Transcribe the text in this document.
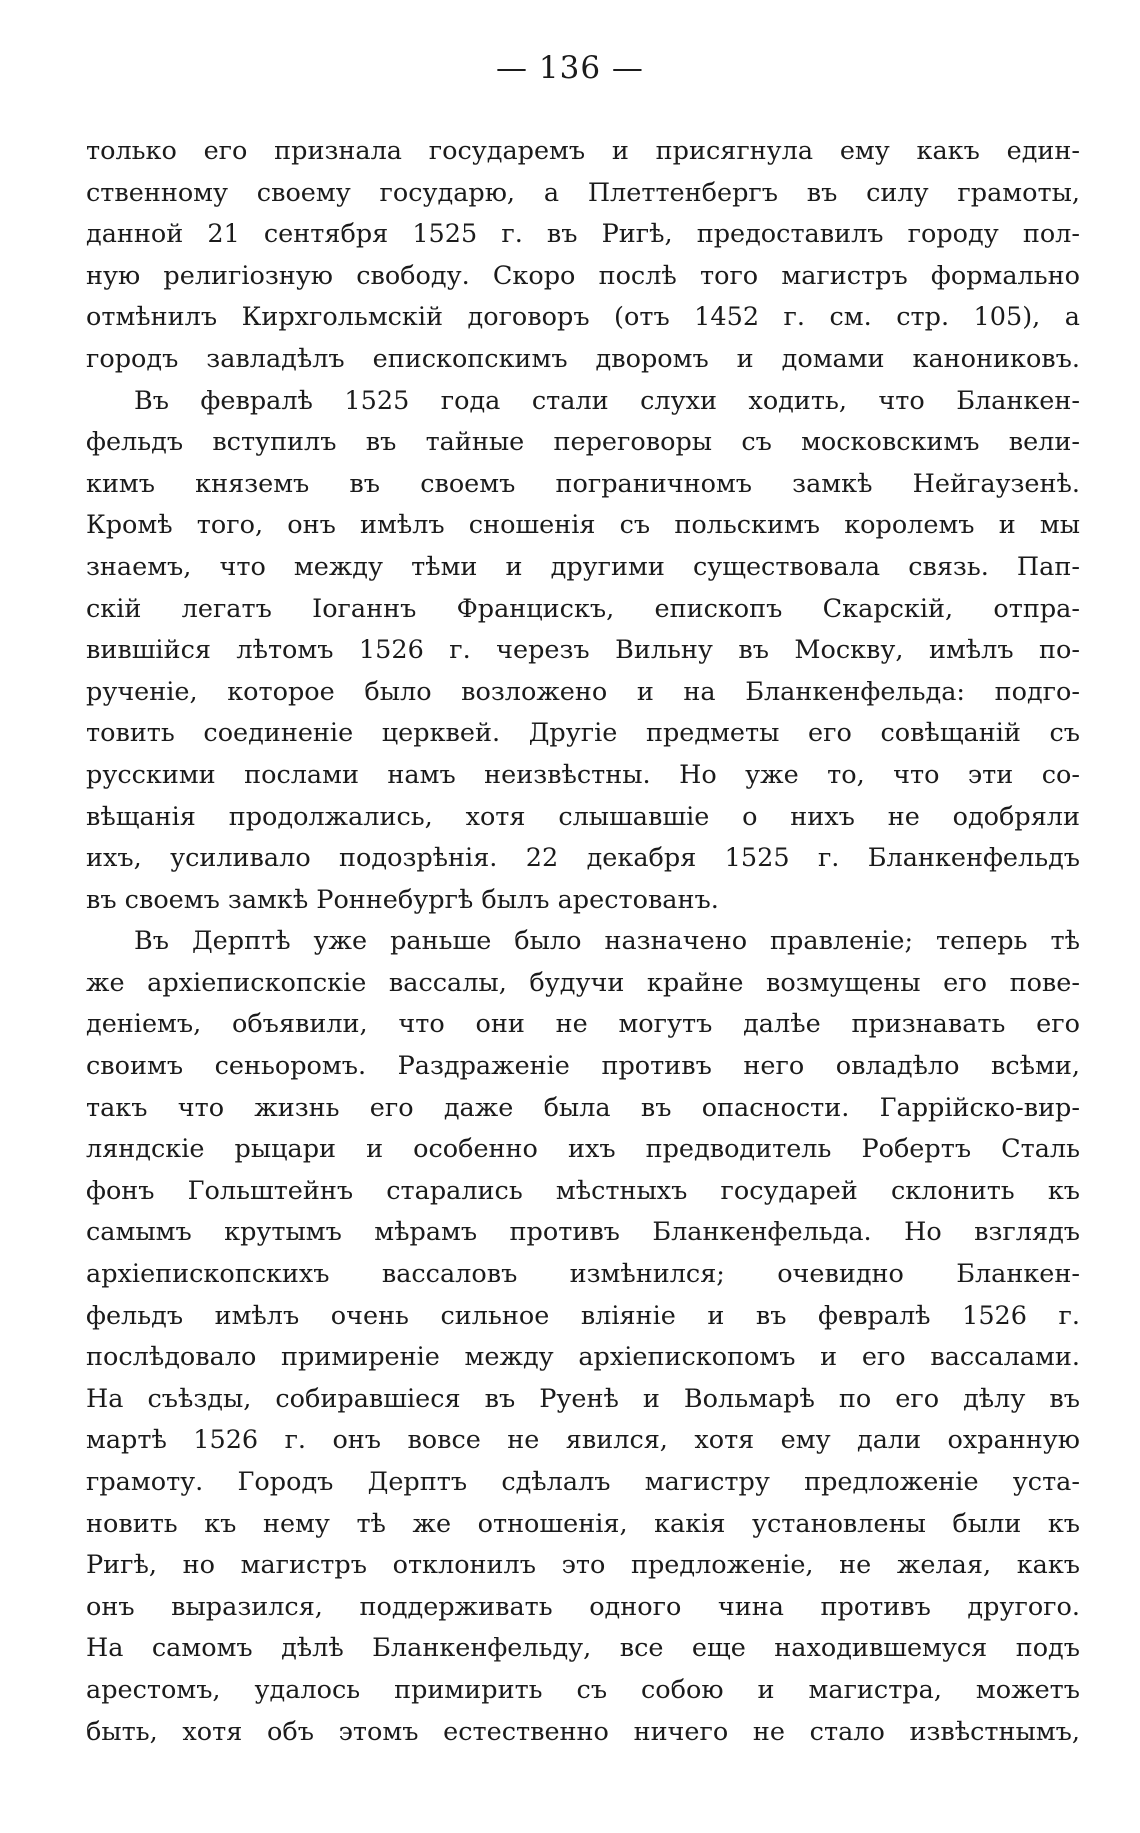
— 136 —
только его признала государемъ и присягнула ему какъ един-
ственному своему государю, а Плеттенбергъ въ силу грамоты,
данной 21 сентября 1525 г. въ Ригѣ, предоставилъ городу пол-
ную религіозную свободу. Скоро послѣ того магистръ формально
отмѣнилъ Кирхгольмскій договоръ (отъ 1452 г. см. стр. 105), а
городъ завладѣлъ епископскимъ дворомъ и домами канониковъ.
Въ февралѣ 1525 года стали слухи ходить, что Бланкен-
фельдъ вступилъ въ тайные переговоры съ московскимъ вели-
кимъ княземъ въ своемъ пограничномъ замкѣ Нейгаузенѣ.
Кромѣ того, онъ имѣлъ сношенія съ польскимъ королемъ и мы
знаемъ, что между тѣми и другими существовала связь. Пап-
скій легатъ Іоганнъ Францискъ, епископъ Скарскій, отпра-
вившійся лѣтомъ 1526 г. черезъ Вильну въ Москву, имѣлъ по-
рученіе, которое было возложено и на Бланкенфельда: подго-
товить соединеніе церквей. Другіе предметы его совѣщаній съ
русскими послами намъ неизвѣстны. Но уже то, что эти со-
вѣщанія продолжались, хотя слышавшіе о нихъ не одобряли
ихъ, усиливало подозрѣнія. 22 декабря 1525 г. Бланкенфельдъ
въ своемъ замкѣ Роннебургѣ былъ арестованъ.
Въ Дерптѣ уже раньше было назначено правленіе; теперь тѣ
же архіепископскіе вассалы, будучи крайне возмущены его пове-
деніемъ, объявили, что они не могутъ далѣе признавать его
своимъ сеньоромъ. Раздраженіе противъ него овладѣло всѣми,
такъ что жизнь его даже была въ опасности. Гаррійско-вир-
ляндскіе рыцари и особенно ихъ предводитель Робертъ Сталь
фонъ Гольштейнъ старались мѣстныхъ государей склонить къ
самымъ крутымъ мѣрамъ противъ Бланкенфельда. Но взглядъ
архіепископскихъ вассаловъ измѣнился; очевидно Бланкен-
фельдъ имѣлъ очень сильное вліяніе и въ февралѣ 1526 г.
послѣдовало примиреніе между архіепископомъ и его вассалами.
На съѣзды, собиравшіеся въ Руенѣ и Вольмарѣ по его дѣлу въ
мартѣ 1526 г. онъ вовсе не явился, хотя ему дали охранную
грамоту. Городъ Дерптъ сдѣлалъ магистру предложеніе уста-
новить къ нему тѣ же отношенія, какія установлены были къ
Ригѣ, но магистръ отклонилъ это предложеніе, не желая, какъ
онъ выразился, поддерживать одного чина противъ другого.
На самомъ дѣлѣ Бланкенфельду, все еще находившемуся подъ
арестомъ, удалось примирить съ собою и магистра, можетъ
быть, хотя объ этомъ естественно ничего не стало извѣстнымъ,
